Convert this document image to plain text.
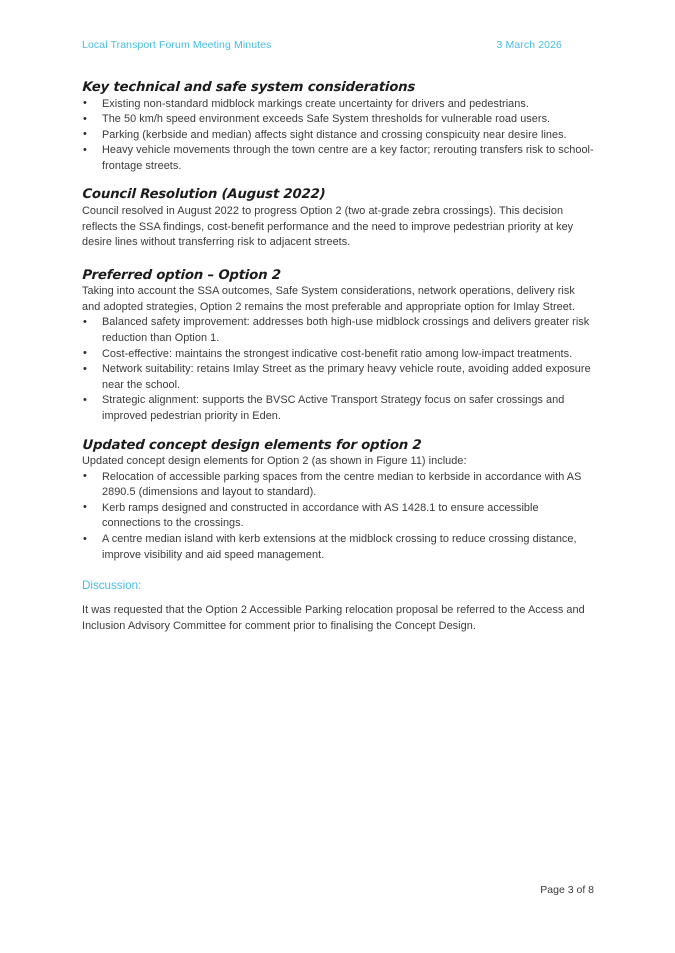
Local Transport Forum Meeting Minutes	3 March 2026
Key technical and safe system considerations
• Existing non-standard midblock markings create uncertainty for drivers and pedestrians.
• The 50 km/h speed environment exceeds Safe System thresholds for vulnerable road users.
• Parking (kerbside and median) affects sight distance and crossing conspicuity near desire lines.
• Heavy vehicle movements through the town centre are a key factor; rerouting transfers risk to school-frontage streets.
Council Resolution (August 2022)

Council resolved in August 2022 to progress Option 2 (two at-grade zebra crossings). This decision reflects the SSA findings, cost-benefit performance and the need to improve pedestrian priority at key desire lines without transferring risk to adjacent streets.

Preferred option – Option 2

Taking into account the SSA outcomes, Safe System considerations, network operations, delivery risk and adopted strategies, Option 2 remains the most preferable and appropriate option for Imlay Street.

• Balanced safety improvement: addresses both high-use midblock crossings and delivers greater risk reduction than Option 1.
• Cost-effective: maintains the strongest indicative cost-benefit ratio among low-impact treatments.
• Network suitability: retains Imlay Street as the primary heavy vehicle route, avoiding added exposure near the school.
• Strategic alignment: supports the BVSC Active Transport Strategy focus on safer crossings and improved pedestrian priority in Eden.
Updated concept design elements for option 2

Updated concept design elements for Option 2 (as shown in Figure 11) include:

• Relocation of accessible parking spaces from the centre median to kerbside in accordance with AS 2890.5 (dimensions and layout to standard).
• Kerb ramps designed and constructed in accordance with AS 1428.1 to ensure accessible connections to the crossings.
• A centre median island with kerb extensions at the midblock crossing to reduce crossing distance, improve visibility and aid speed management.
Discussion:

It was requested that the Option 2 Accessible Parking relocation proposal be referred to the Access and Inclusion Advisory Committee for comment prior to finalising the Concept Design.

Page 3 of 8
